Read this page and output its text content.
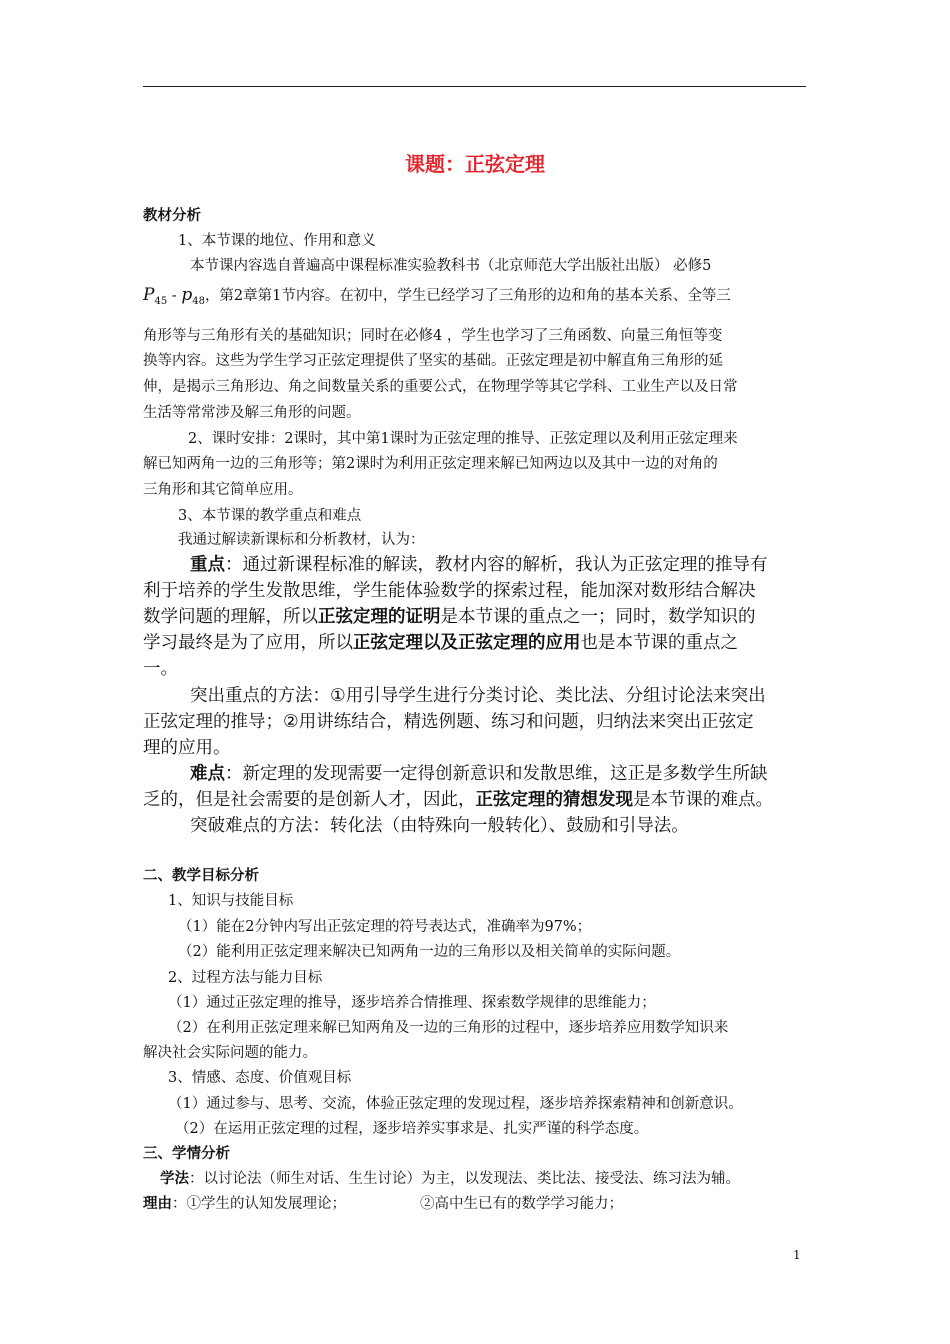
课题：正弦定理
教材分析
1、本节课的地位、作用和意义
本节课内容选自普遍高中课程标准实验教科书（北京师范大学出版社出版） 必修5
$P_{45} - p_{48}$，第2章第1节内容。在初中，学生已经学习了三角形的边和角的基本关系、全等三
角形等与三角形有关的基础知识；同时在必修4 ，学生也学习了三角函数、向量三角恒等变
换等内容。这些为学生学习正弦定理提供了坚实的基础。正弦定理是初中解直角三角形的延
伸，是揭示三角形边、角之间数量关系的重要公式，在物理学等其它学科、工业生产以及日常
生活等常常涉及解三角形的问题。
2、课时安排：2课时，其中第1课时为正弦定理的推导、正弦定理以及利用正弦定理来
解已知两角一边的三角形等；第2课时为利用正弦定理来解已知两边以及其中一边的对角的
三角形和其它简单应用。
3、本节课的教学重点和难点
我通过解读新课标和分析教材，认为：
重点：通过新课程标准的解读，教材内容的解析，我认为正弦定理的推导有
利于培养的学生发散思维，学生能体验数学的探索过程，能加深对数形结合解决
数学问题的理解，所以正弦定理的证明是本节课的重点之一；同时，数学知识的
学习最终是为了应用，所以正弦定理以及正弦定理的应用也是本节课的重点之
一。
突出重点的方法：①用引导学生进行分类讨论、类比法、分组讨论法来突出
正弦定理的推导；②用讲练结合，精选例题、练习和问题，归纳法来突出正弦定
理的应用。
难点：新定理的发现需要一定得创新意识和发散思维，这正是多数学生所缺
乏的，但是社会需要的是创新人才，因此，正弦定理的猜想发现是本节课的难点。
突破难点的方法：转化法（由特殊向一般转化）、鼓励和引导法。
二、教学目标分析
1、知识与技能目标
（1）能在2分钟内写出正弦定理的符号表达式，准确率为97%；
（2）能利用正弦定理来解决已知两角一边的三角形以及相关简单的实际问题。
2、过程方法与能力目标
（1）通过正弦定理的推导，逐步培养合情推理、探索数学规律的思维能力；
（2）在利用正弦定理来解已知两角及一边的三角形的过程中，逐步培养应用数学知识来
解决社会实际问题的能力。
3、情感、态度、价值观目标
（1）通过参与、思考、交流，体验正弦定理的发现过程，逐步培养探索精神和创新意识。
（2）在运用正弦定理的过程，逐步培养实事求是、扎实严谨的科学态度。
三、学情分析
学法：以讨论法（师生对话、生生讨论）为主，以发现法、类比法、接受法、练习法为辅。
理由：①学生的认知发展理论；	②高中生已有的数学学习能力；
1
